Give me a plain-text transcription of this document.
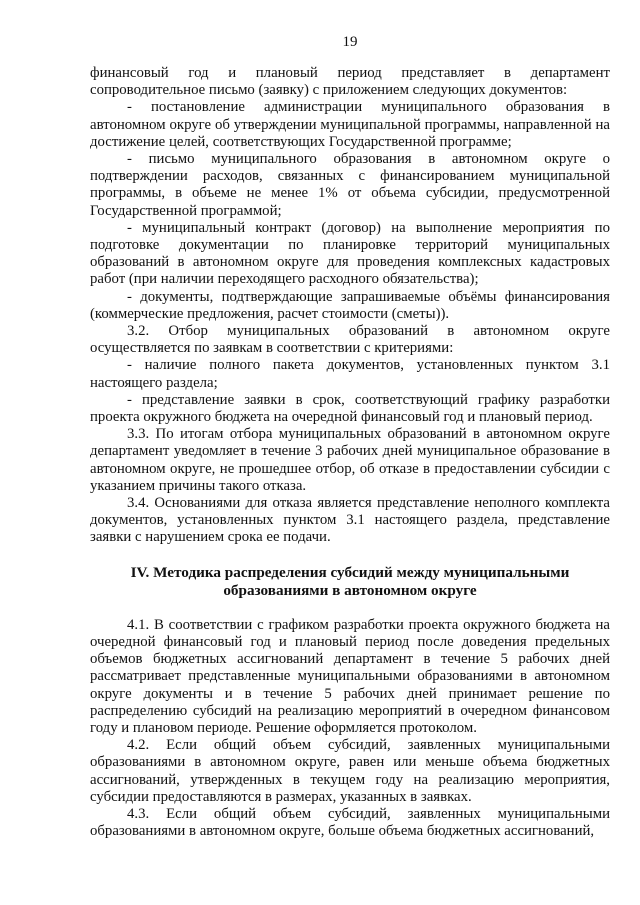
19

финансовый год и плановый период представляет в департамент сопроводительное письмо (заявку) с приложением следующих документов:

- постановление администрации муниципального образования в автономном округе об утверждении муниципальной программы, направленной на достижение целей, соответствующих Государственной программе;

- письмо муниципального образования в автономном округе о подтверждении расходов, связанных с финансированием муниципальной программы, в объеме не менее 1% от объема субсидии, предусмотренной Государственной программой;

- муниципальный контракт (договор) на выполнение мероприятия по подготовке документации по планировке территорий муниципальных образований в автономном округе для проведения комплексных кадастровых работ (при наличии переходящего расходного обязательства);

- документы, подтверждающие запрашиваемые объёмы финансирования (коммерческие предложения, расчет стоимости (сметы)).

3.2. Отбор муниципальных образований в автономном округе осуществляется по заявкам в соответствии с критериями:

- наличие полного пакета документов, установленных пунктом 3.1 настоящего раздела;

- представление заявки в срок, соответствующий графику разработки проекта окружного бюджета на очередной финансовый год и плановый период.

3.3. По итогам отбора муниципальных образований в автономном округе департамент уведомляет в течение 3 рабочих дней муниципальное образование в автономном округе, не прошедшее отбор, об отказе в предоставлении субсидии с указанием причины такого отказа.

3.4. Основаниями для отказа является представление неполного комплекта документов, установленных пунктом 3.1 настоящего раздела, представление заявки с нарушением срока ее подачи.

IV. Методика распределения субсидий между муниципальными образованиями в автономном округе

4.1. В соответствии с графиком разработки проекта окружного бюджета на очередной финансовый год и плановый период после доведения предельных объемов бюджетных ассигнований департамент в течение 5 рабочих дней рассматривает представленные муниципальными образованиями в автономном округе документы и в течение 5 рабочих дней принимает решение по распределению субсидий на реализацию мероприятий в очередном финансовом году и плановом периоде. Решение оформляется протоколом.

4.2. Если общий объем субсидий, заявленных муниципальными образованиями в автономном округе, равен или меньше объема бюджетных ассигнований, утвержденных в текущем году на реализацию мероприятия, субсидии предоставляются в размерах, указанных в заявках.

4.3. Если общий объем субсидий, заявленных муниципальными образованиями в автономном округе, больше объема бюджетных ассигнований,
